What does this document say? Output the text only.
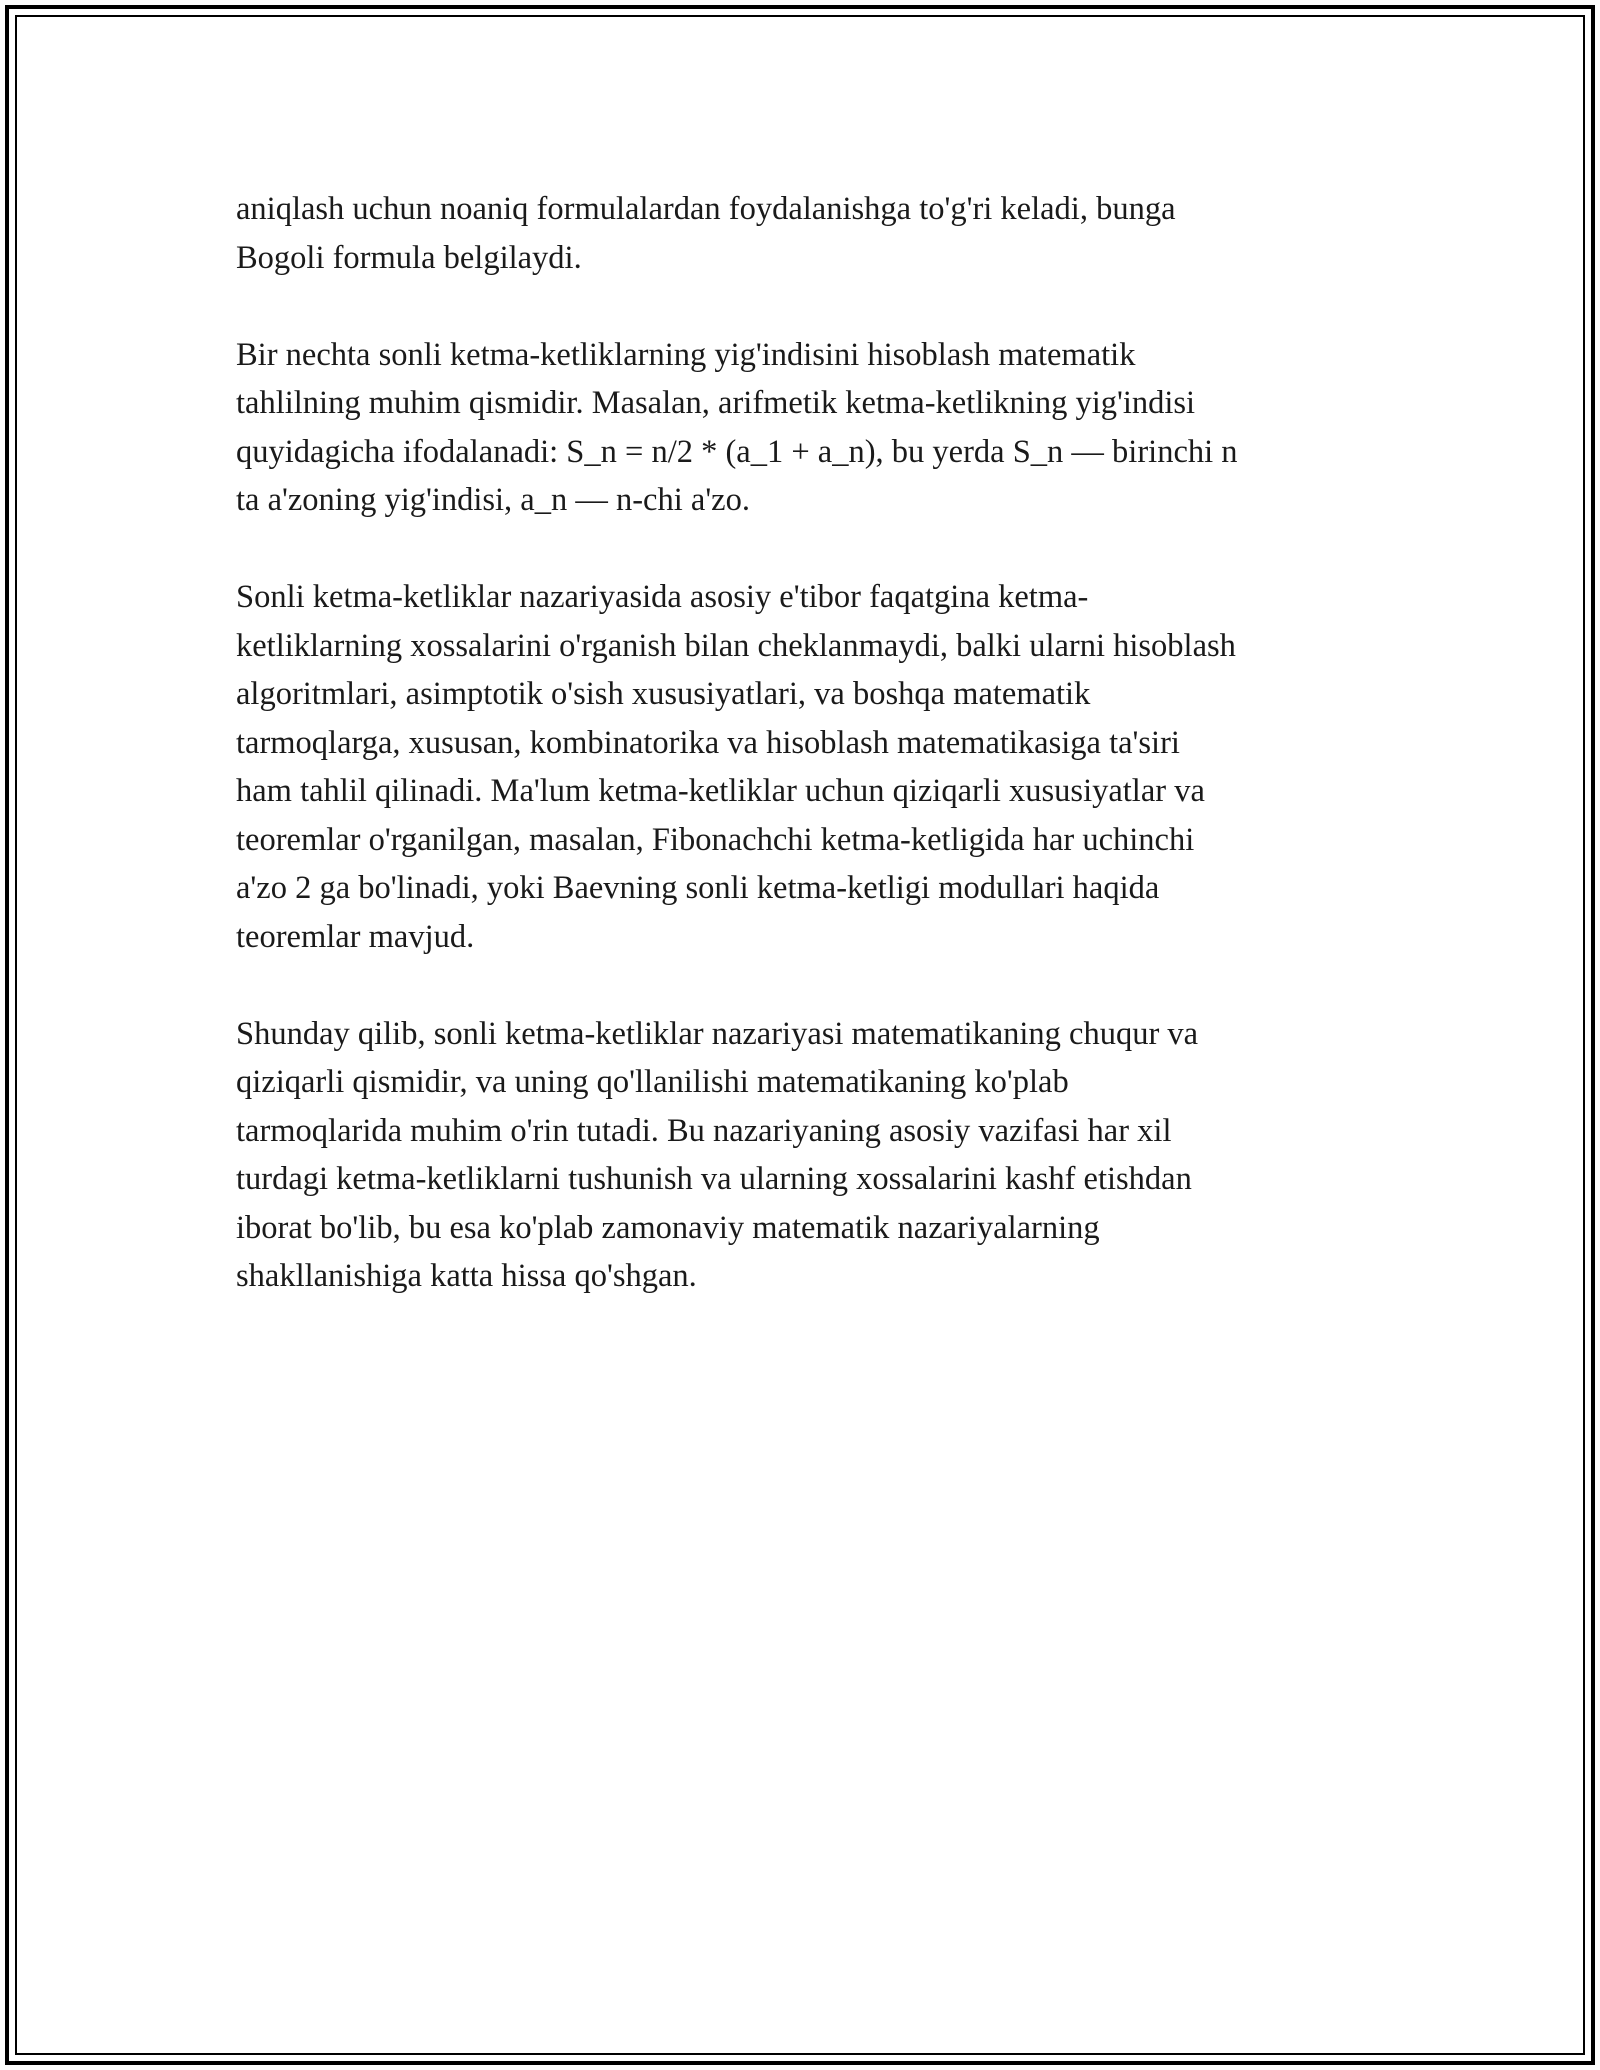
aniqlash uchun noaniq formulalardan foydalanishga to'g'ri keladi, bunga
Bogoli formula belgilaydi.

Bir nechta sonli ketma-ketliklarning yig'indisini hisoblash matematik
tahlilning muhim qismidir. Masalan, arifmetik ketma-ketlikning yig'indisi
quyidagicha ifodalanadi: S_n = n/2 * (a_1 + a_n), bu yerda S_n — birinchi n
ta a'zoning yig'indisi, a_n — n-chi a'zo.

Sonli ketma-ketliklar nazariyasida asosiy e'tibor faqatgina ketma-
ketliklarning xossalarini o'rganish bilan cheklanmaydi, balki ularni hisoblash
algoritmlari, asimptotik o'sish xususiyatlari, va boshqa matematik
tarmoqlarga, xususan, kombinatorika va hisoblash matematikasiga ta'siri
ham tahlil qilinadi. Ma'lum ketma-ketliklar uchun qiziqarli xususiyatlar va
teoremlar o'rganilgan, masalan, Fibonachchi ketma-ketligida har uchinchi
a'zo 2 ga bo'linadi, yoki Baevning sonli ketma-ketligi modullari haqida
teoremlar mavjud.

Shunday qilib, sonli ketma-ketliklar nazariyasi matematikaning chuqur va
qiziqarli qismidir, va uning qo'llanilishi matematikaning ko'plab
tarmoqlarida muhim o'rin tutadi. Bu nazariyaning asosiy vazifasi har xil
turdagi ketma-ketliklarni tushunish va ularning xossalarini kashf etishdan
iborat bo'lib, bu esa ko'plab zamonaviy matematik nazariyalarning
shakllanishiga katta hissa qo'shgan.
